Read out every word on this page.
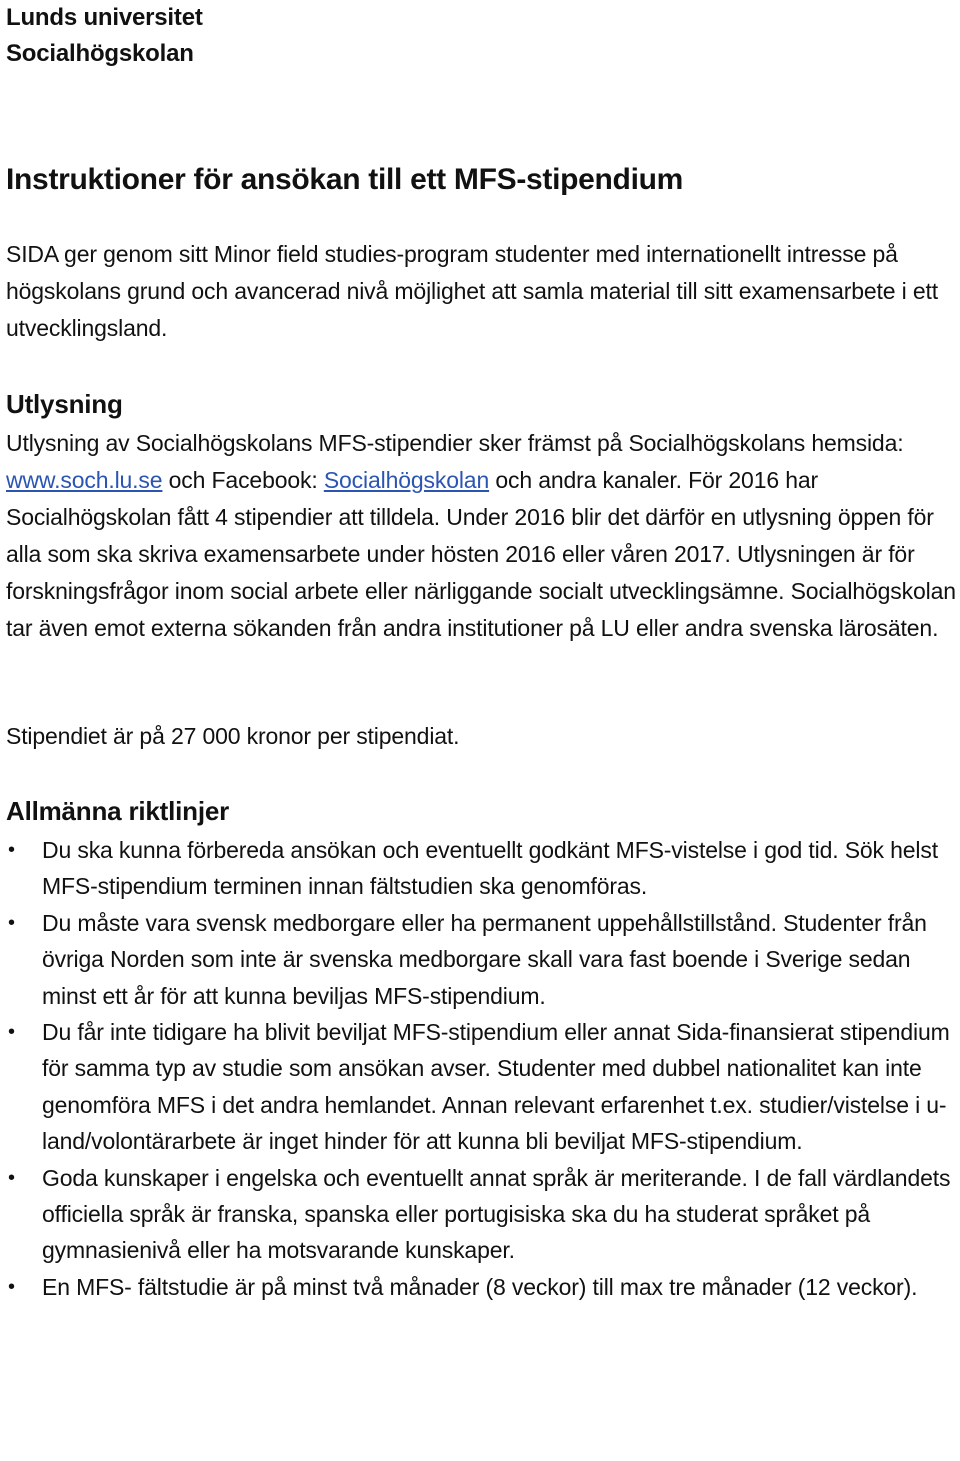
Lunds universitet

Socialhögskolan

Instruktioner för ansökan till ett MFS-stipendium

SIDA ger genom sitt Minor field studies-program studenter med internationellt intresse på högskolans grund och avancerad nivå möjlighet att samla material till sitt examensarbete i ett utvecklingsland.

Utlysning

Utlysning av Socialhögskolans MFS-stipendier sker främst på Socialhögskolans hemsida: www.soch.lu.se och Facebook: Socialhögskolan och andra kanaler. För 2016 har Socialhögskolan fått 4 stipendier att tilldela. Under 2016 blir det därför en utlysning öppen för alla som ska skriva examensarbete under hösten 2016 eller våren 2017. Utlysningen är för forskningsfrågor inom social arbete eller närliggande socialt utvecklingsämne. Socialhögskolan tar även emot externa sökanden från andra institutioner på LU eller andra svenska lärosäten.

Stipendiet är på 27 000 kronor per stipendiat.

Allmänna riktlinjer
• Du ska kunna förbereda ansökan och eventuellt godkänt MFS-vistelse i god tid. Sök helst MFS-stipendium terminen innan fältstudien ska genomföras.
• Du måste vara svensk medborgare eller ha permanent uppehållstillstånd. Studenter från övriga Norden som inte är svenska medborgare skall vara fast boende i Sverige sedan minst ett år för att kunna beviljas MFS-stipendium.
• Du får inte tidigare ha blivit beviljat MFS-stipendium eller annat Sida-finansierat stipendium för samma typ av studie som ansökan avser. Studenter med dubbel nationalitet kan inte genomföra MFS i det andra hemlandet. Annan relevant erfarenhet t.ex. studier/vistelse i u-land/volontärarbete är inget hinder för att kunna bli beviljat MFS-stipendium.
• Goda kunskaper i engelska och eventuellt annat språk är meriterande. I de fall värdlandets officiella språk är franska, spanska eller portugisiska ska du ha studerat språket på gymnasienivå eller ha motsvarande kunskaper.
• En MFS- fältstudie är på minst två månader (8 veckor) till max tre månader (12 veckor).
